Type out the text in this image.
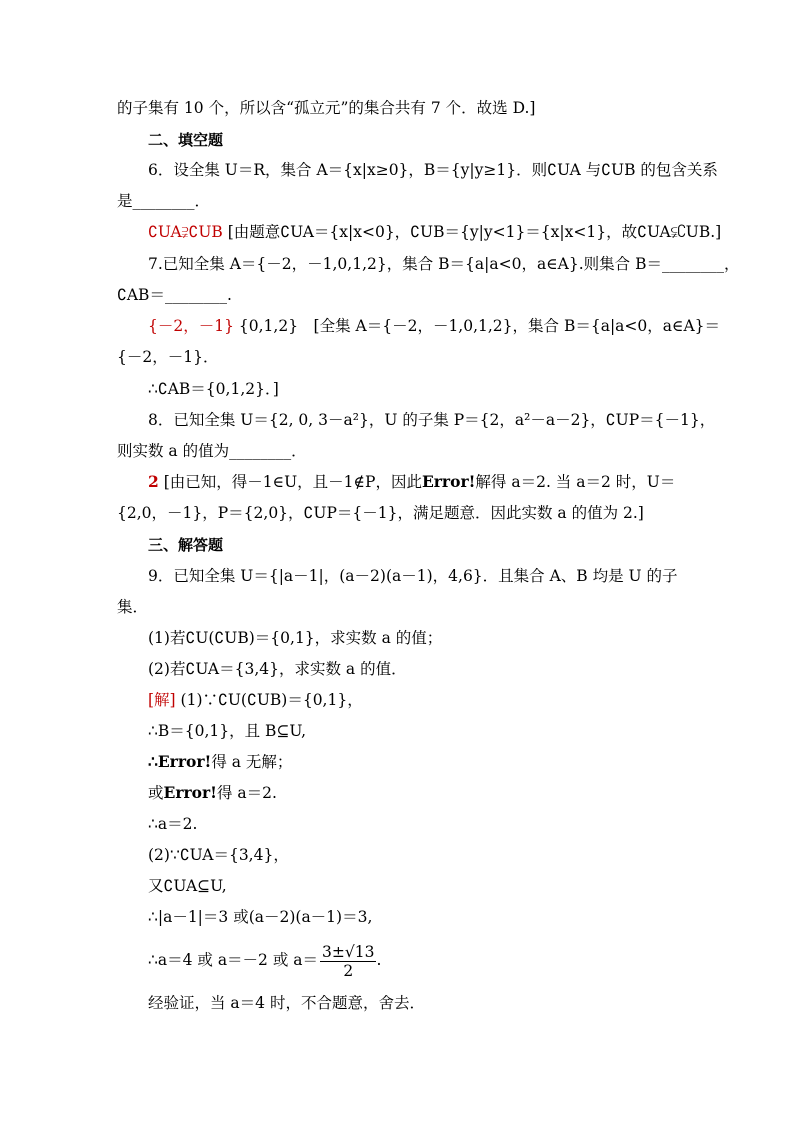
的子集有 10 个，所以含“孤立元”的集合共有 7 个．故选 D.]
二、填空题
6．设全集 U＝R，集合 A＝{x|x≥0}，B＝{y|y≥1}．则∁UA 与∁UB 的包含关系
是________．
∁UA⫌∁UB [由题意∁UA＝{x|x<0}，∁UB＝{y|y<1}＝{x|x<1}，故∁UA⫋∁UB.]
7.已知全集 A＝{－2，－1,0,1,2}，集合 B＝{a|a<0，a∈A}.则集合 B＝________，
∁AB＝________.
{－2，－1} {0,1,2}　[全集 A＝{－2，－1,0,1,2}，集合 B＝{a|a<0，a∈A}＝
{－2，－1}．
∴∁AB＝{0,1,2}．]
8．已知全集 U＝{2, 0, 3－a²}，U 的子集 P＝{2，a²－a－2}，∁UP＝{－1}，
则实数 a 的值为________．
2 [由已知，得－1∈U，且－1∉P，因此Error!解得 a＝2. 当 a＝2 时，U＝
{2,0，－1}，P＝{2,0}，∁UP＝{－1}，满足题意．因此实数 a 的值为 2.]
三、解答题
9．已知全集 U＝{|a－1|，(a－2)(a－1)，4,6}．且集合 A、B 均是 U 的子
集．
(1)若∁U(∁UB)＝{0,1}，求实数 a 的值；
(2)若∁UA＝{3,4}，求实数 a 的值．
[解] (1)∵∁U(∁UB)＝{0,1}，
∴B＝{0,1}，且 B⊆U,
∴Error!得 a 无解；
或Error!得 a＝2.
∴a＝2.
(2)∵∁UA＝{3,4}，
又∁UA⊆U,
∴|a－1|＝3 或(a－2)(a－1)＝3,
∴a＝4 或 a＝－2 或 $a= \frac{3\pm√13}{2}$ .
经验证，当 a＝4 时，不合题意，舍去．
